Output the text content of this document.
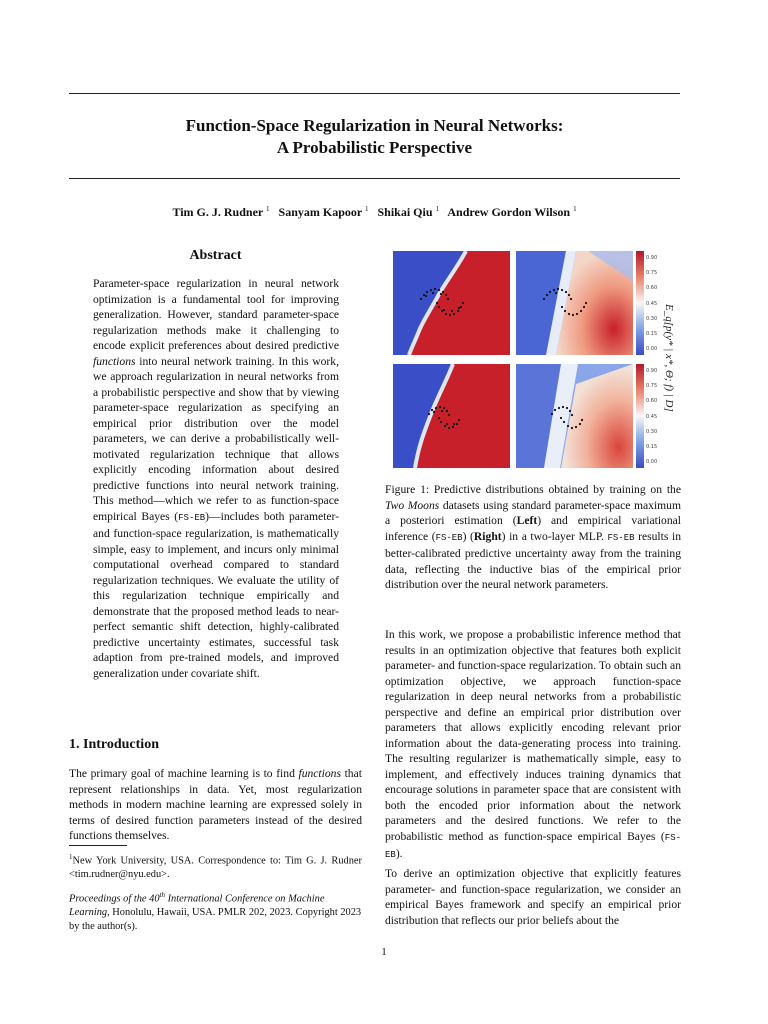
Function-Space Regularization in Neural Networks:
A Probabilistic Perspective
Tim G. J. Rudner $^1$ Sanyam Kapoor $^1$ Shikai Qiu $^1$ Andrew Gordon Wilson $^1$
Abstract
Parameter-space regularization in neural network optimization is a fundamental tool for improving generalization. However, standard parameter-space regularization methods make it challenging to encode explicit preferences about desired predictive functions into neural network training. In this work, we approach regularization in neural networks from a probabilistic perspective and show that by viewing parameter-space regularization as specifying an empirical prior distribution over the model parameters, we can derive a probabilistically well-motivated regularization technique that allows explicitly encoding information about desired predictive functions into neural network training. This method—which we refer to as function-space empirical Bayes (FS-EB)—includes both parameter- and function-space regularization, is mathematically simple, easy to implement, and incurs only minimal computational overhead compared to standard regularization techniques. We evaluate the utility of this regularization technique empirically and demonstrate that the proposed method leads to near-perfect semantic shift detection, highly-calibrated predictive uncertainty estimates, successful task adaption from pre-trained models, and improved generalization under covariate shift.
1. Introduction
The primary goal of machine learning is to find functions that represent relationships in data. Yet, most regularization methods in modern machine learning are expressed solely in terms of desired function parameters instead of the desired functions themselves.
$^1$New York University, USA. Correspondence to: Tim G. J. Rudner <tim.rudner@nyu.edu>.
Proceedings of the 40th International Conference on Machine Learning, Honolulu, Hawaii, USA. PMLR 202, 2023. Copyright 2023 by the author(s).
0.90
0.75
0.60
0.45
0.30
0.15
0.00
0.90
0.75
0.60
0.45
0.30
0.15
0.00
E_q[p(y* | x*, Θ; f) | D]
Figure 1: Predictive distributions obtained by training on the Two Moons datasets using standard parameter-space maximum a posteriori estimation (Left) and empirical variational inference (FS-EB) (Right) in a two-layer MLP. FS-EB results in better-calibrated predictive uncertainty away from the training data, reflecting the inductive bias of the empirical prior distribution over the neural network parameters.
In this work, we propose a probabilistic inference method that results in an optimization objective that features both explicit parameter- and function-space regularization. To obtain such an optimization objective, we approach function-space regularization in deep neural networks from a probabilistic perspective and define an empirical prior distribution over parameters that allows explicitly encoding relevant prior information about the data-generating process into training. The resulting regularizer is mathematically simple, easy to implement, and effectively induces training dynamics that encourage solutions in parameter space that are consistent with both the encoded prior information about the network parameters and the desired functions. We refer to the probabilistic method as function-space empirical Bayes (FS-EB).
To derive an optimization objective that explicitly features parameter- and function-space regularization, we consider an empirical Bayes framework and specify an empirical prior distribution that reflects our prior beliefs about the
1
